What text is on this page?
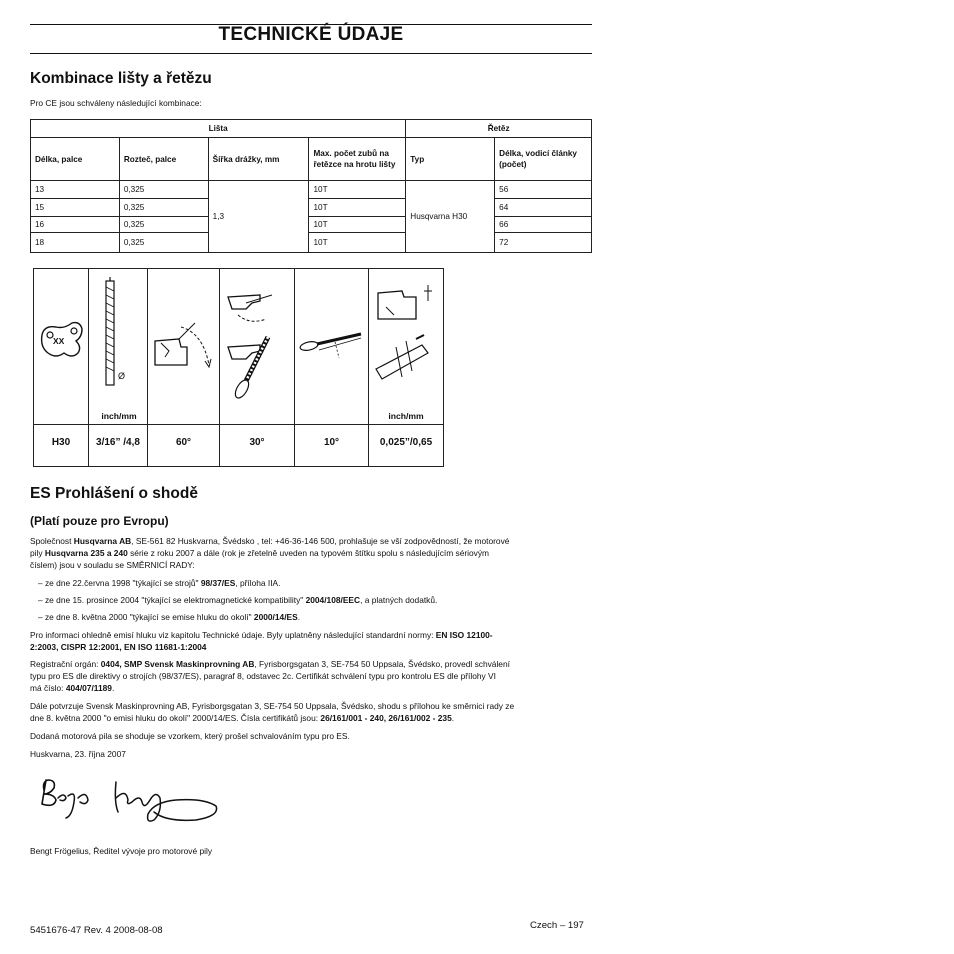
TECHNICKÉ ÚDAJE
Kombinace lišty a řetězu
Pro CE jsou schváleny následující kombinace:
Lišta				Řetěz	
Délka, palce	Rozteč, palce	Šířka drážky, mm	Max. počet zubů na řetězce na hrotu lišty	Typ	Délka, vodicí články (počet)
13	0,325	1,3	10T	Husqvarna H30	56
15	0,325		10T		64
16	0,325		10T		66
18	0,325		10T		72
XX
Ø
inch/mm	inch/mm
H30	3/16” /4,8	60°	30°	10°	0,025”/0,65
ES Prohlášení o shodě
(Platí pouze pro Evropu)
Společnost Husqvarna AB, SE-561 82 Huskvarna, Švédsko , tel: +46-36-146 500, prohlašuje se vší zodpovědností, že motorové
pily Husqvarna 235 a 240 série z roku 2007 a dále (rok je zřetelně uveden na typovém štítku spolu s následujícím sériovým
číslem) jsou v souladu se SMĚRNICÍ RADY:
– ze dne 22.června 1998 "týkající se strojů" 98/37/ES, příloha IIA.
– ze dne 15. prosince 2004 "týkající se elektromagnetické kompatibility" 2004/108/EEC, a platných dodatků.
– ze dne 8. května 2000 "týkající se emise hluku do okolí" 2000/14/ES.
Pro informaci ohledně emisí hluku viz kapitolu Technické údaje. Byly uplatněny následující standardní normy: EN ISO 12100-
2:2003, CISPR 12:2001, EN ISO 11681-1:2004
Registrační orgán: 0404, SMP Svensk Maskinprovning AB, Fyrisborgsgatan 3, SE-754 50 Uppsala, Švédsko, provedl schválení
typu pro ES dle direktivy o strojích (98/37/ES), paragraf 8, odstavec 2c. Certifikát schválení typu pro kontrolu ES dle přílohy VI
má číslo: 404/07/1189.
Dále potvrzuje Svensk Maskinprovning AB, Fyrisborgsgatan 3, SE-754 50 Uppsala, Švédsko, shodu s přílohou ke směrnici rady ze
dne 8. května 2000 "o emisi hluku do okolí" 2000/14/ES. Čísla certifikátů jsou: 26/161/001 - 240, 26/161/002 - 235.
Dodaná motorová pila se shoduje se vzorkem, který prošel schvalováním typu pro ES.
Huskvarna, 23. října 2007
Bengt Frögelius, Ředitel vývoje pro motorové pily
5451676-47 Rev. 4 2008-08-08	Czech – 197
